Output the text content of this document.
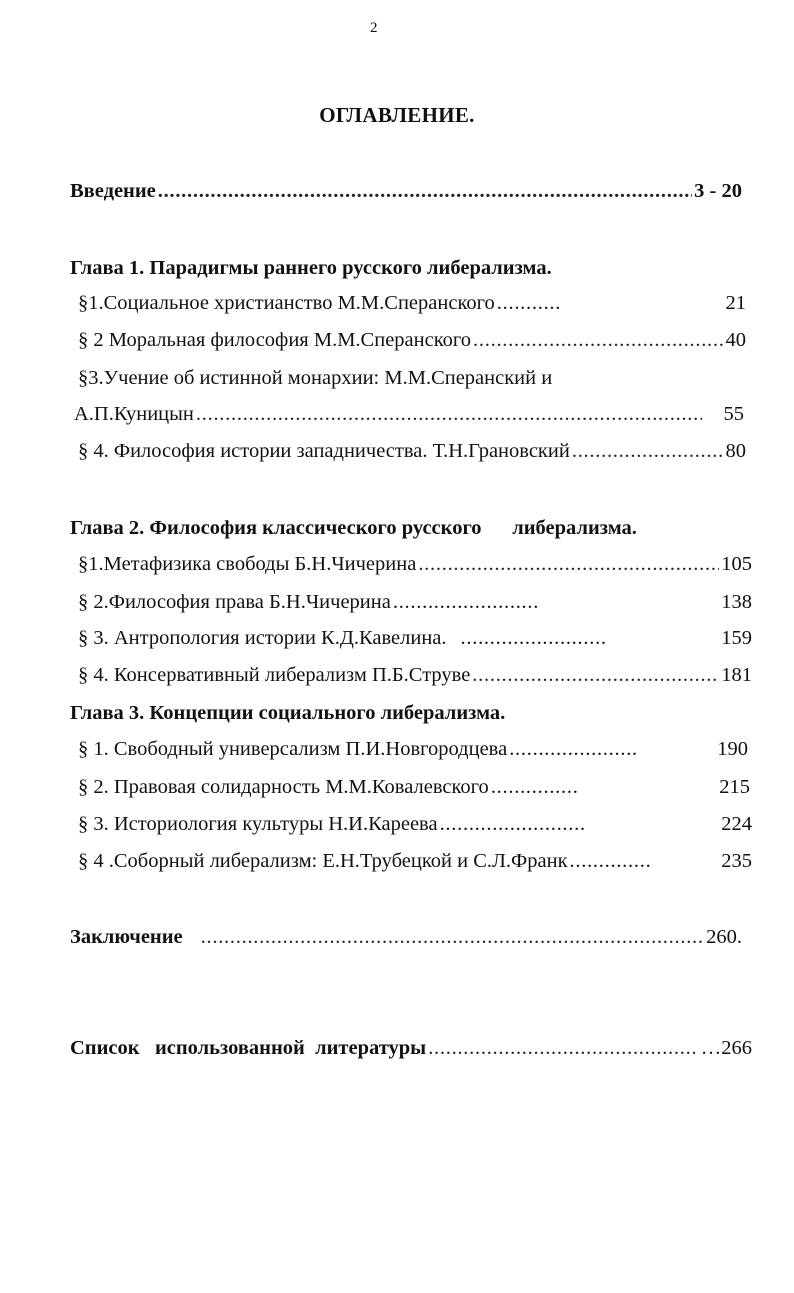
2
ОГЛАВЛЕНИЕ.
Введение . . .	3 - 20
Глава 1. Парадигмы раннего русского либерализма.
§1.Социальное христианство М.М.Сперанского . . .	21
§ 2 Моральная философия М.М.Сперанского . . .	40
§3.Учение об истинной монархии: М.М.Сперанский и
А.П.Куницын . . .	55
§ 4. Философия истории западничества. Т.Н.Грановский . . .	80
Глава 2. Философия классического русского      либерализма.
§1.Метафизика свободы Б.Н.Чичерина . . .	105
§ 2.Философия права Б.Н.Чичерина . . .	138
§ 3. Антропология истории К.Д.Кавелина. . . .	159
§ 4. Консервативный либерализм П.Б.Струве . . .	181
Глава 3. Концепции социального либерализма.
§ 1. Свободный универсализм П.И.Новгородцева . . .	190
§ 2. Правовая солидарность М.М.Ковалевского . . .	215
§ 3. Историология культуры Н.И.Кареева . . .	224
§ 4 .Соборный либерализм: Е.Н.Трубецкой и С.Л.Франк . . .	235
Заключение . . .	260.
Список   использованной  литературы . . .	…266
